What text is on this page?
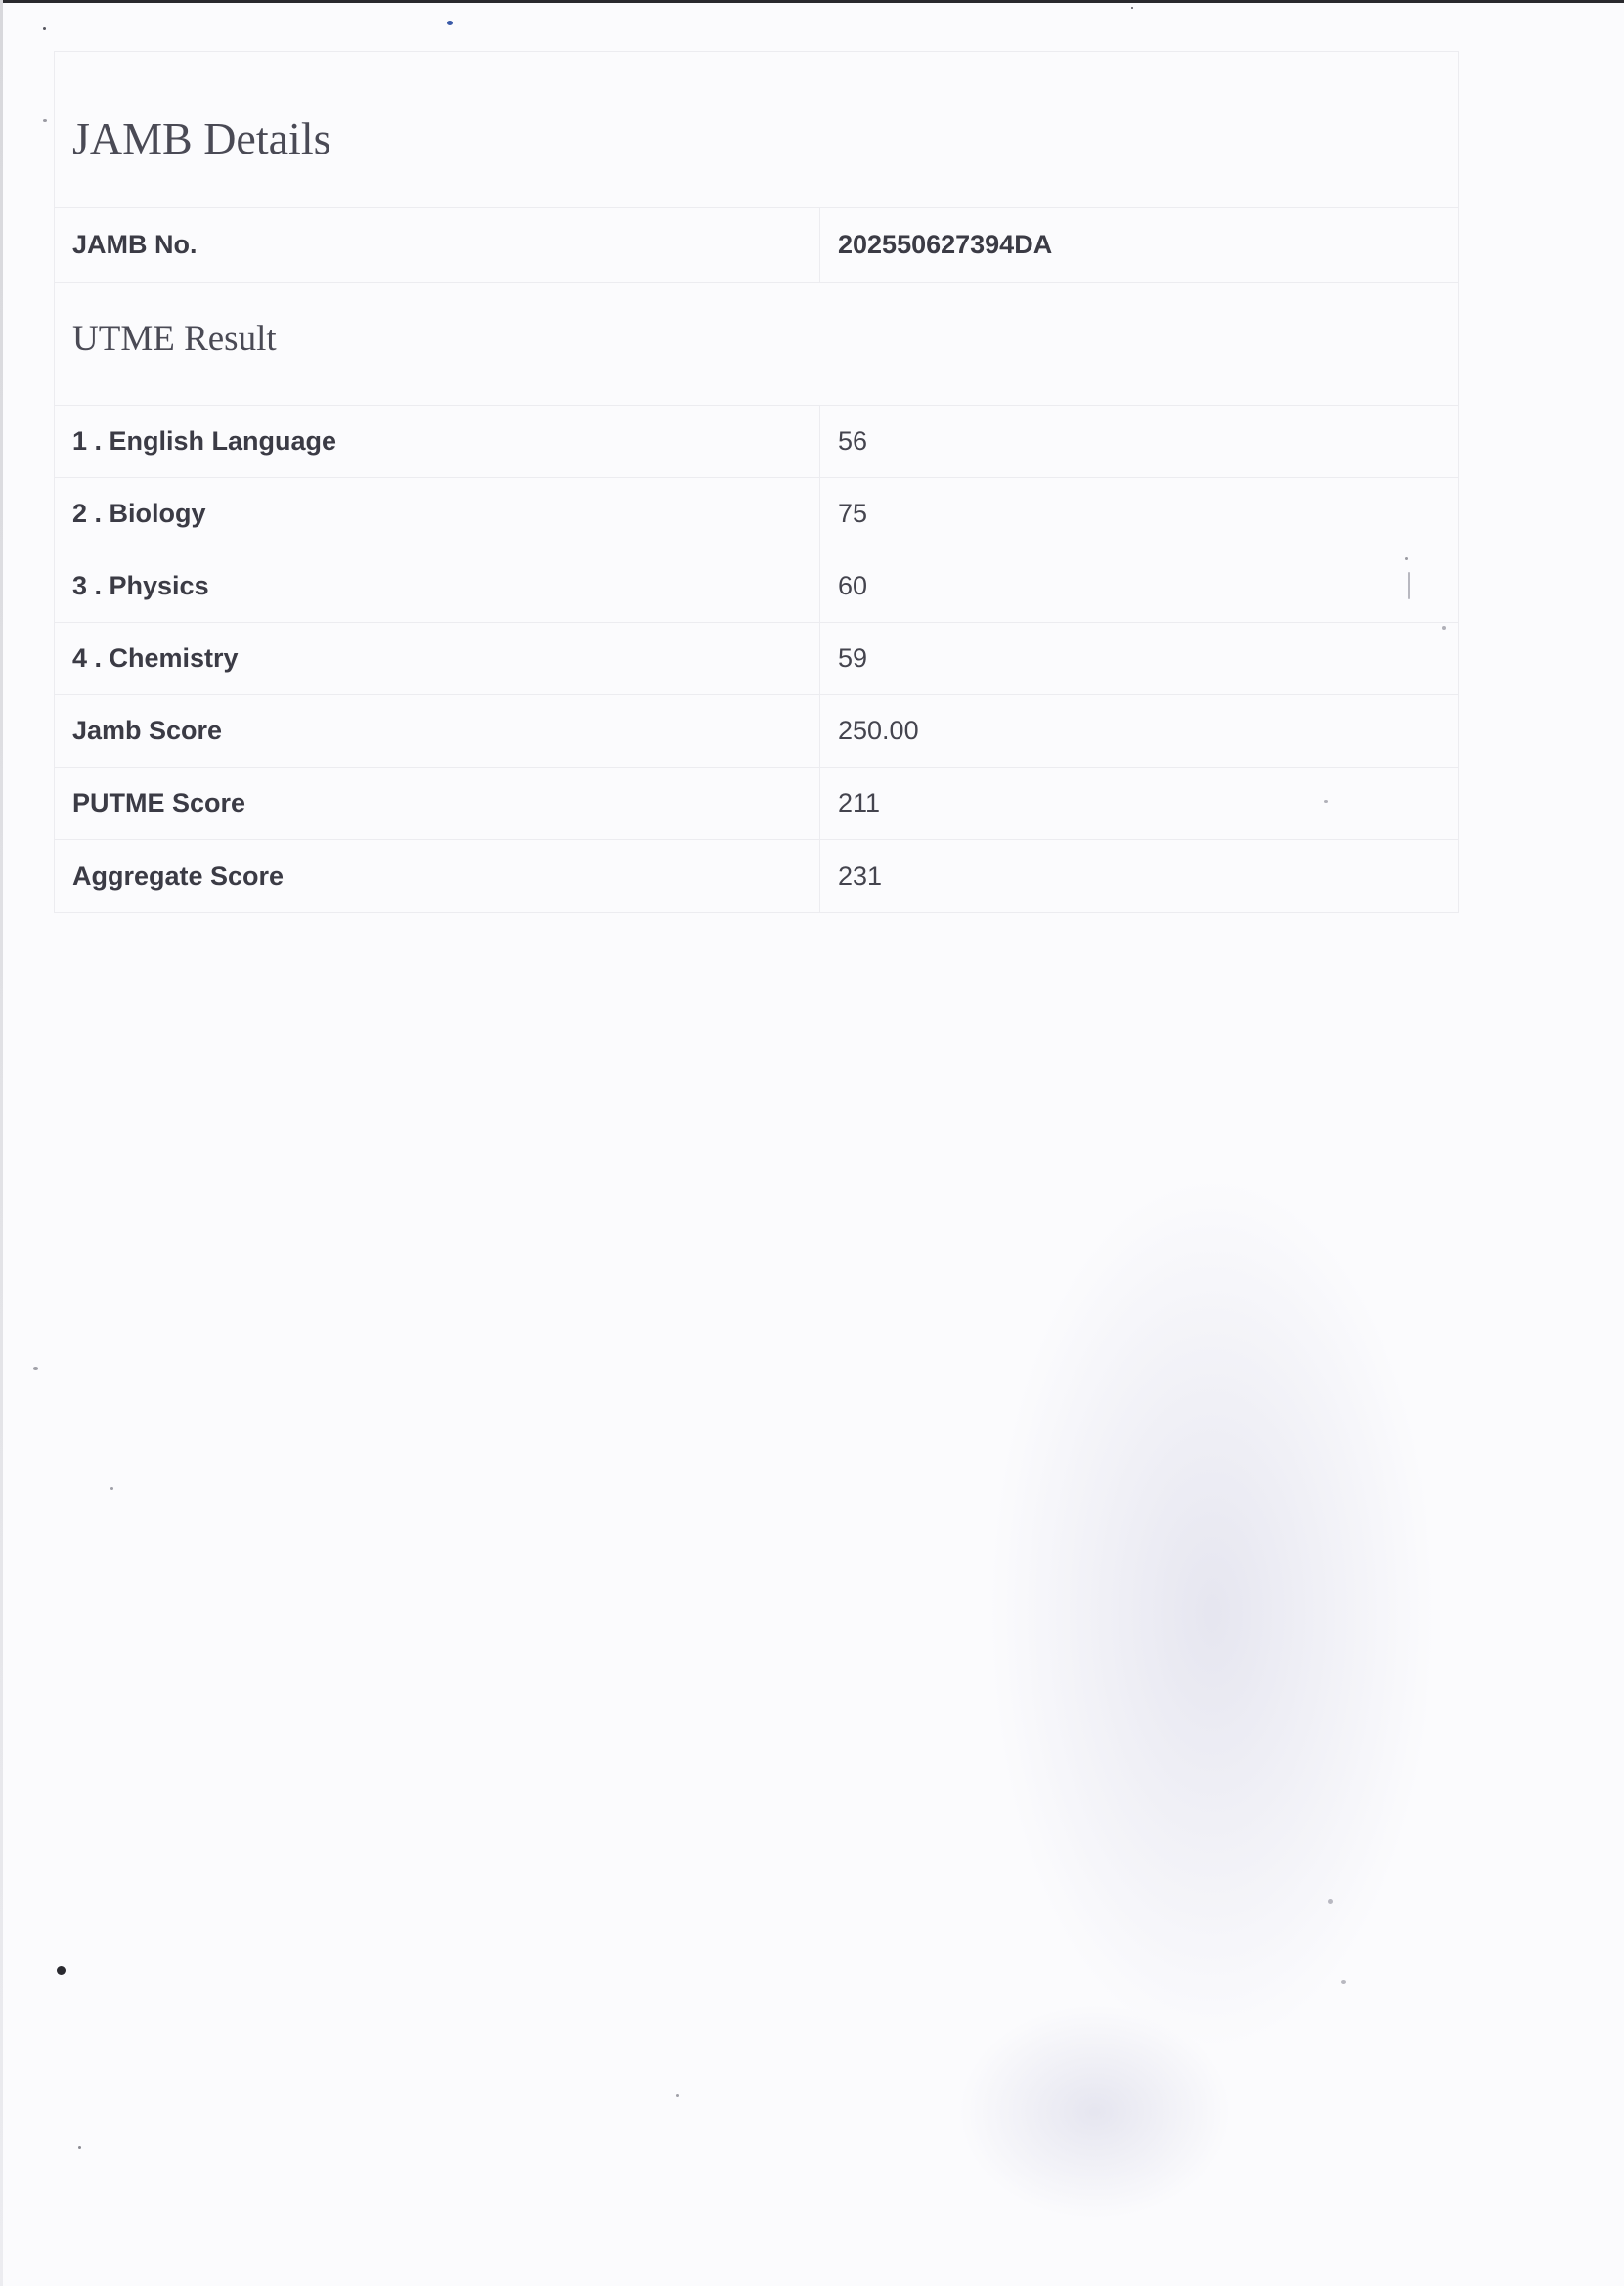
JAMB Details
JAMB No.	202550627394DA
UTME Result
1 . English Language	56
2 . Biology	75
3 . Physics	60
4 . Chemistry	59
Jamb Score	250.00
PUTME Score	211
Aggregate Score	231
